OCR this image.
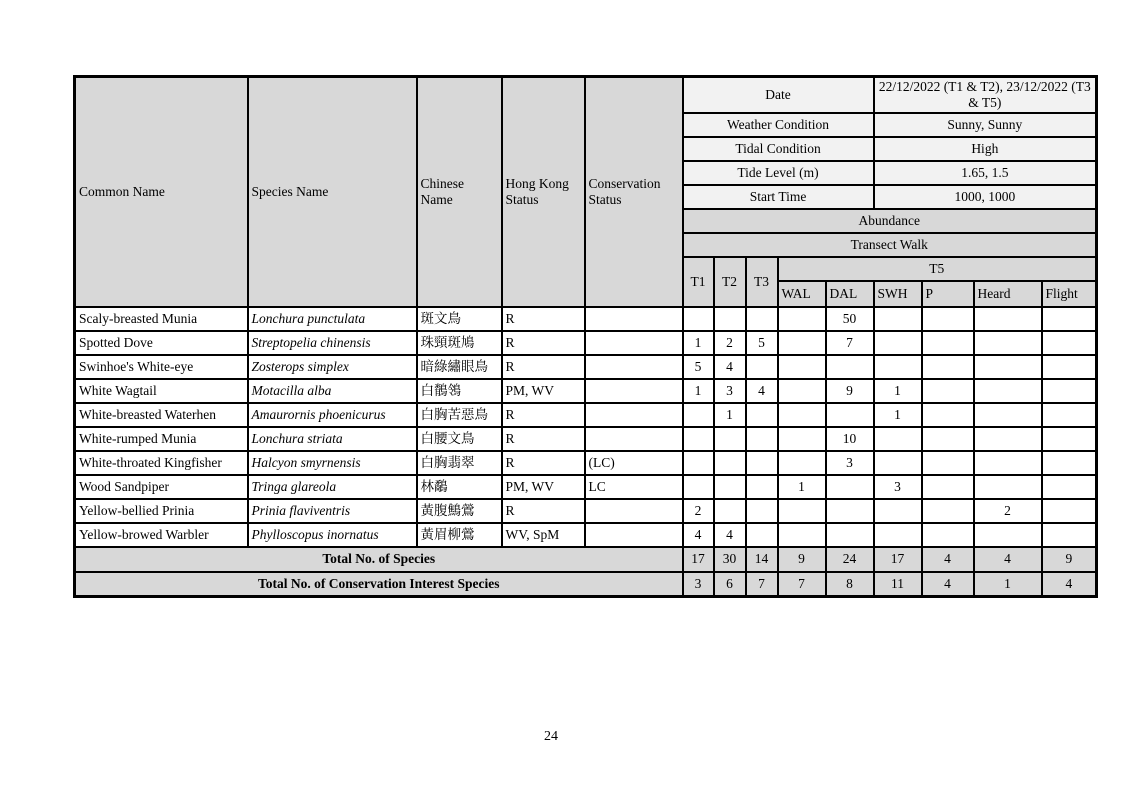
Common Name	Species Name	Chinese Name	Hong Kong Status	Conservation Status	Date					22/12/2022 (T1 & T2), 23/12/2022 (T3 & T5)			
					Weather Condition					Sunny, Sunny			
					Tidal Condition					High			
					Tide Level (m)					1.65, 1.5			
					Start Time					1000, 1000			
					Abundance								
					Transect Walk								
					T1	T2	T3	T5					
								WAL	DAL	SWH	P	Heard	Flight
Scaly-breasted Munia	Lonchura punctulata	斑文鳥	R						50				
Spotted Dove	Streptopelia chinensis	珠頸斑鳩	R		1	2	5		7				
Swinhoe's White-eye	Zosterops simplex	暗綠繡眼鳥	R		5	4							
White Wagtail	Motacilla alba	白鶺鴒	PM, WV		1	3	4		9	1			
White-breasted Waterhen	Amaurornis phoenicurus	白胸苦惡鳥	R			1				1			
White-rumped Munia	Lonchura striata	白腰文鳥	R						10				
White-throated Kingfisher	Halcyon smyrnensis	白胸翡翠	R	(LC)					3				
Wood Sandpiper	Tringa glareola	林鷸	PM, WV	LC				1		3			
Yellow-bellied Prinia	Prinia flaviventris	黃腹鷦鶯	R		2							2	
Yellow-browed Warbler	Phylloscopus inornatus	黃眉柳鶯	WV, SpM		4	4							
Total No. of Species					17	30	14	9	24	17	4	4	9
Total No. of Conservation Interest Species					3	6	7	7	8	11	4	1	4
24
